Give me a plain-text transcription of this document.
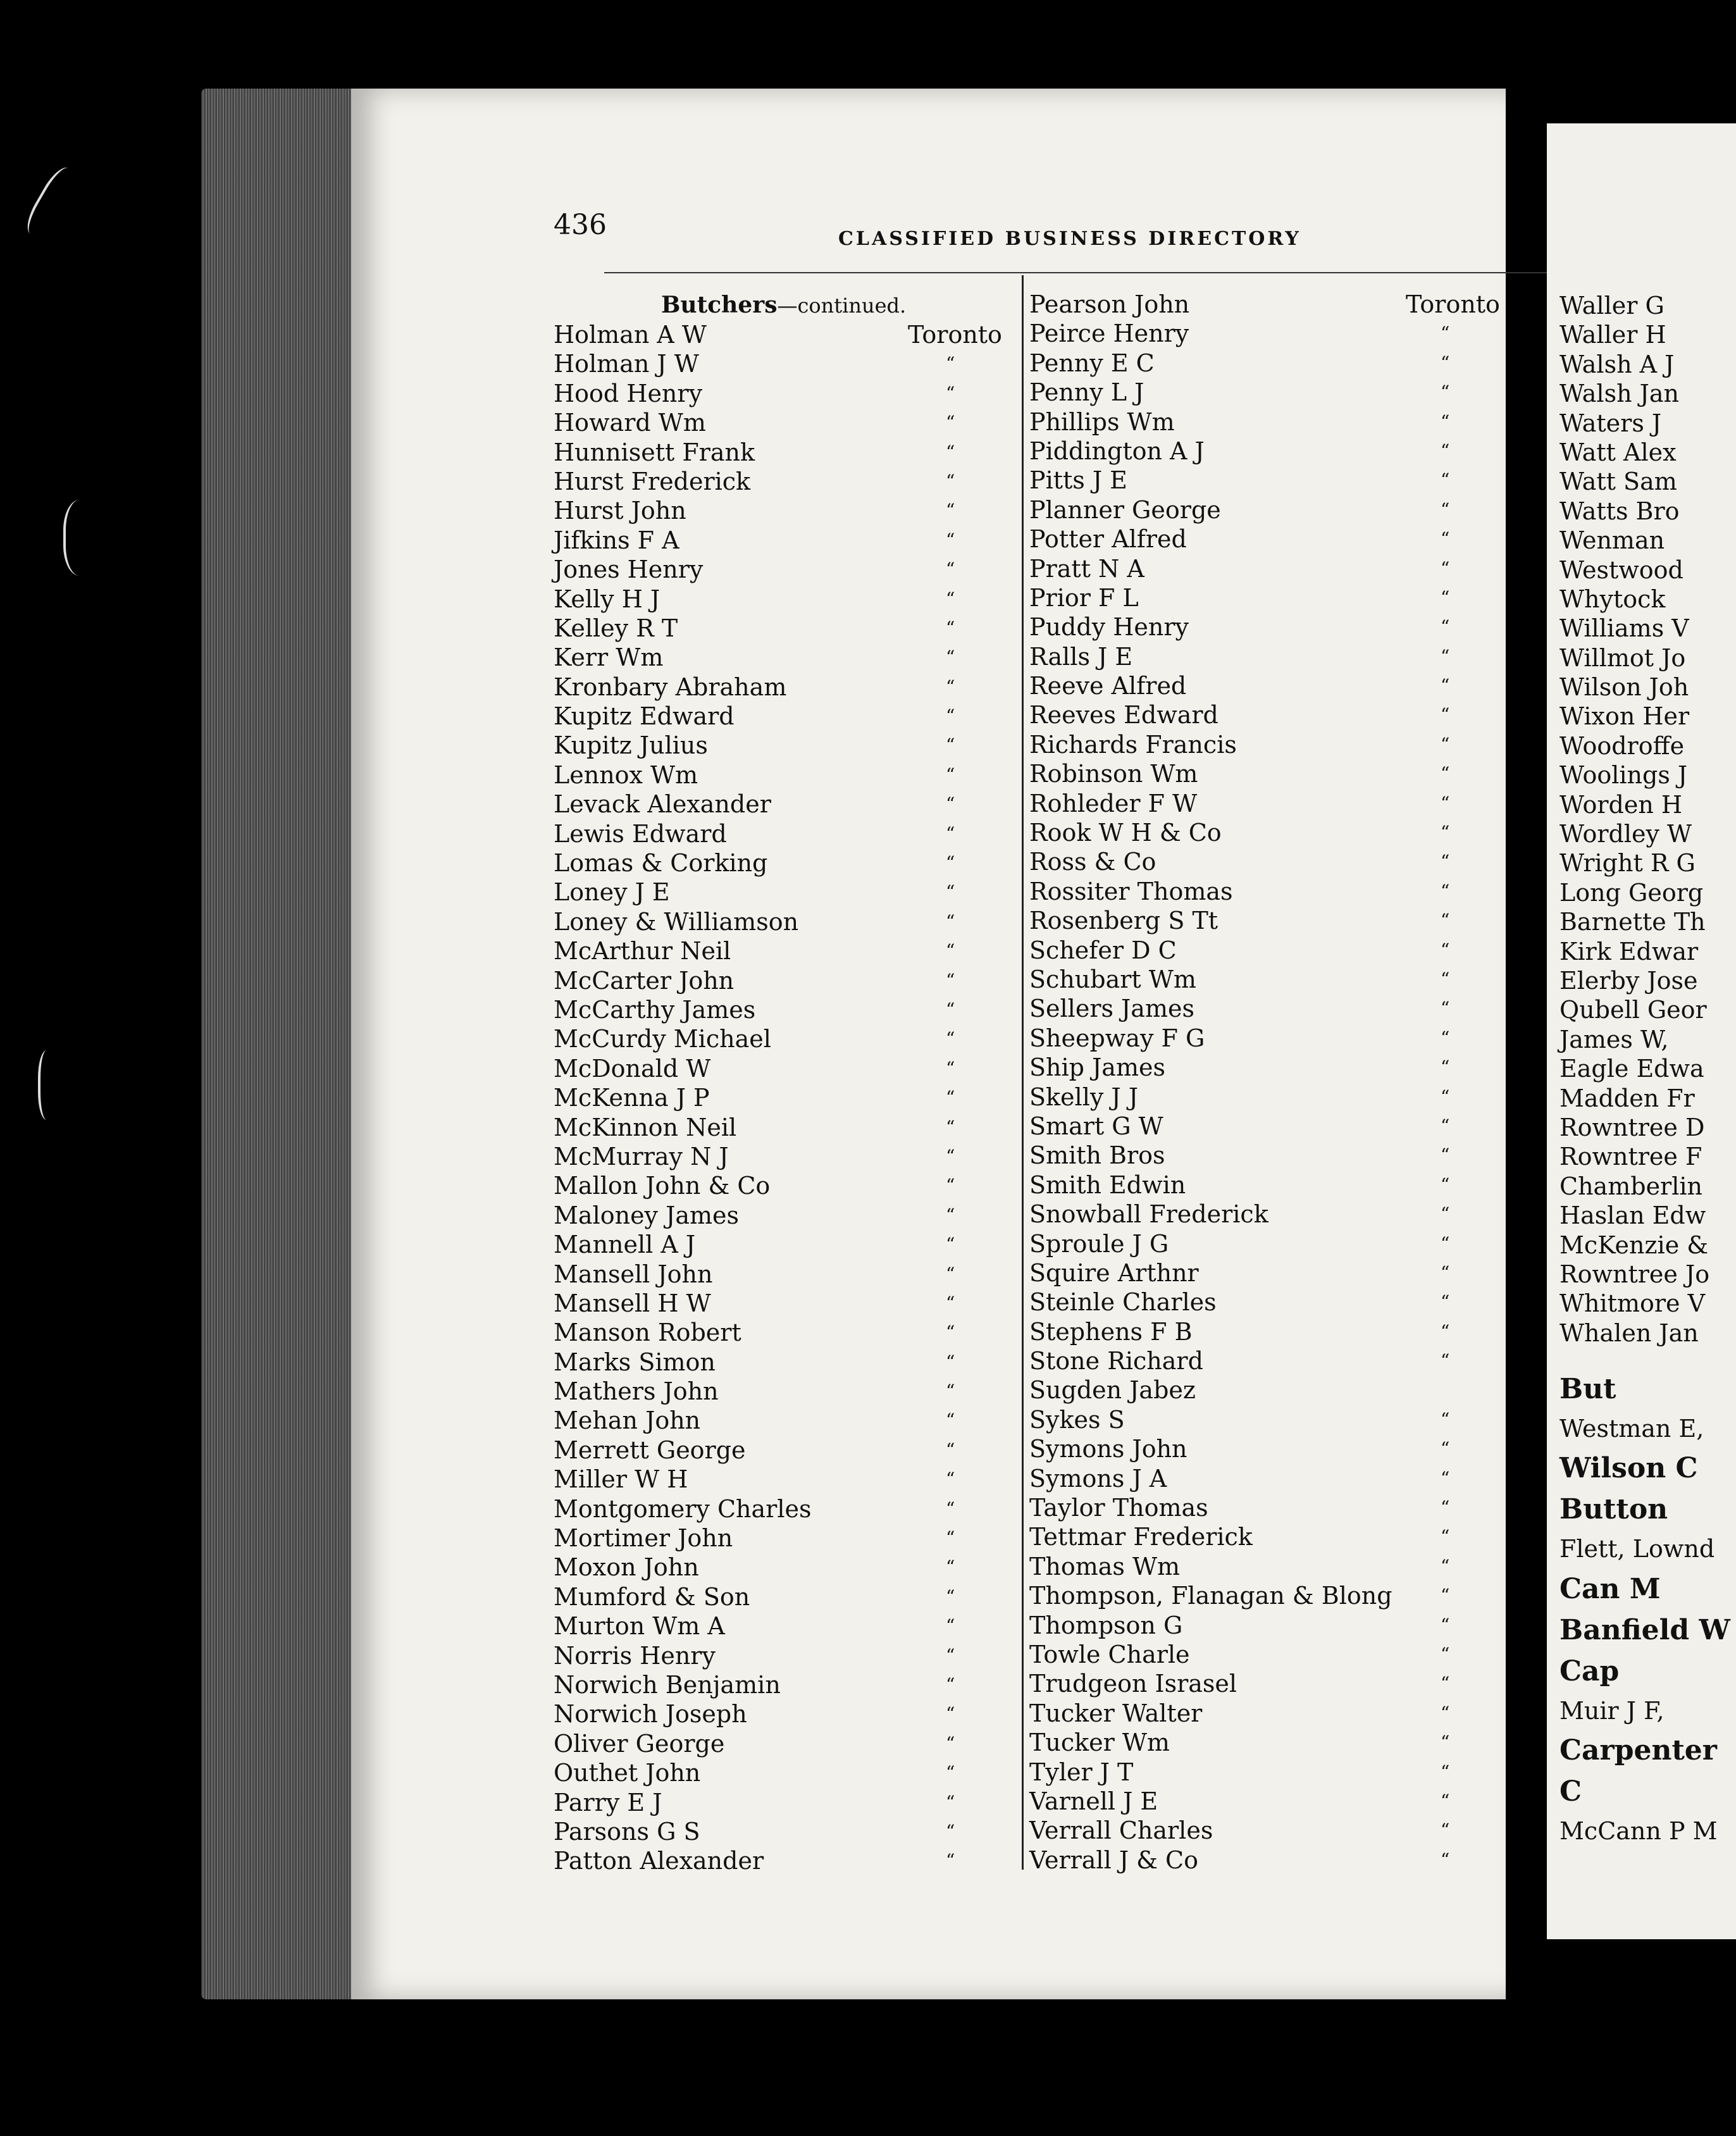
436	CLASSIFIED BUSINESS DIRECTORY
Butchers—continued.
Holman A W	Toronto
Holman J W	“
Hood Henry	“
Howard Wm	“
Hunnisett Frank	“
Hurst Frederick	“
Hurst John	“
Jifkins F A	“
Jones Henry	“
Kelly H J	“
Kelley R T	“
Kerr Wm	“
Kronbary Abraham	“
Kupitz Edward	“
Kupitz Julius	“
Lennox Wm	“
Levack Alexander	“
Lewis Edward	“
Lomas & Corking	“
Loney J E	“
Loney & Williamson	“
McArthur Neil	“
McCarter John	“
McCarthy James	“
McCurdy Michael	“
McDonald W	“
McKenna J P	“
McKinnon Neil	“
McMurray N J	“
Mallon John & Co	“
Maloney James	“
Mannell A J	“
Mansell John	“
Mansell H W	“
Manson Robert	“
Marks Simon	“
Mathers John	“
Mehan John	“
Merrett George	“
Miller W H	“
Montgomery Charles	“
Mortimer John	“
Moxon John	“
Mumford & Son	“
Murton Wm A	“
Norris Henry	“
Norwich Benjamin	“
Norwich Joseph	“
Oliver George	“
Outhet John	“
Parry E J	“
Parsons G S	“
Patton Alexander	“
Pearson John	Toronto
Peirce Henry	“
Penny E C	“
Penny L J	“
Phillips Wm	“
Piddington A J	“
Pitts J E	“
Planner George	“
Potter Alfred	“
Pratt N A	“
Prior F L	“
Puddy Henry	“
Ralls J E	“
Reeve Alfred	“
Reeves Edward	“
Richards Francis	“
Robinson Wm	“
Rohleder F W	“
Rook W H & Co	“
Ross & Co	“
Rossiter Thomas	“
Rosenberg S Tt	“
Schefer D C	“
Schubart Wm	“
Sellers James	“
Sheepway F G	“
Ship James	“
Skelly J J	“
Smart G W	“
Smith Bros	“
Smith Edwin	“
Snowball Frederick	“
Sproule J G	“
Squire Arthnr	“
Steinle Charles	“
Stephens F B	“
Stone Richard	“
Sugden Jabez
Sykes S	“
Symons John	“
Symons J A	“
Taylor Thomas	“
Tettmar Frederick	“
Thomas Wm	“
Thompson, Flanagan & Blong	“
Thompson G	“
Towle Charle	“
Trudgeon Israsel	“
Tucker Walter	“
Tucker Wm	“
Tyler J T	“
Varnell J E	“
Verrall Charles	“
Verrall J & Co	“
Waller G
Waller H
Walsh A J
Walsh Jan
Waters J
Watt Alex
Watt Sam
Watts Bro
Wenman
Westwood
Whytock
Williams V
Willmot Jo
Wilson Joh
Wixon Her
Woodroffe
Woolings J
Worden H
Wordley W
Wright R G
Long Georg
Barnette Th
Kirk Edwar
Elerby Jose
Qubell Geor
James W,
Eagle Edwa
Madden Fr
Rowntree D
Rowntree F
Chamberlin
Haslan Edw
McKenzie &
Rowntree Jo
Whitmore V
Whalen Jan
But
Westman E,
Wilson C
Button
Flett, Lownd
Can M
Banfield W
Cap
Muir J F,
Carpenter
C
McCann P M
